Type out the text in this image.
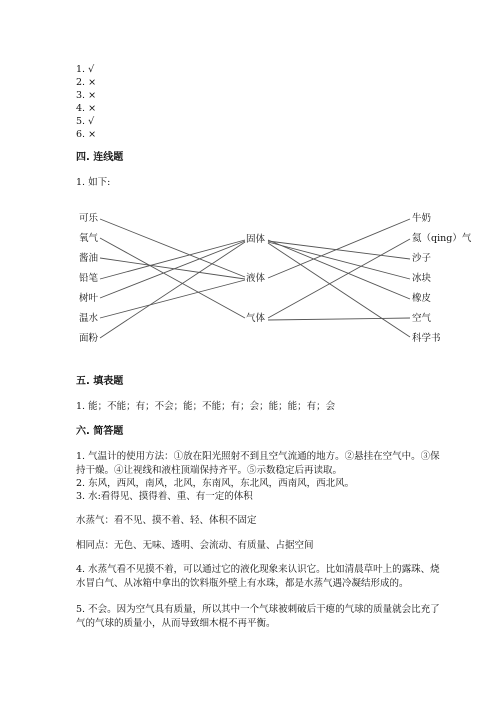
1. √
2. ×
3. ×
4. ×
5. √
6. ×
四. 连线题
1. 如下:
可乐
氧气
酱油
铅笔
树叶
温水
面粉
固体
液体
气体
牛奶
氦（qing）气
沙子
冰块
橡皮
空气
科学书
五. 填表题
1. 能；不能；有；不会；能；不能；有；会；能；能；有；会
六. 简答题
1. 气温计的使用方法：①放在阳光照射不到且空气流通的地方。②悬挂在空气中。③保持干燥。④让视线和液柱顶端保持齐平。⑤示数稳定后再读取。
2. 东风，西风，南风，北风，东南风，东北风，西南风，西北风。
3. 水:看得见、摸得着、重、有一定的体积
水蒸气：看不见、摸不着、轻、体积不固定
相同点：无色、无味、透明、会流动、有质量、占据空间
4. 水蒸气看不见摸不着，可以通过它的液化现象来认识它。比如清晨草叶上的露珠、烧水冒白气、从冰箱中拿出的饮料瓶外壁上有水珠，都是水蒸气遇冷凝结形成的。
5. 不会。因为空气具有质量，所以其中一个气球被刺破后干瘪的气球的质量就会比充了气的气球的质量小，从而导致细木棍不再平衡。
